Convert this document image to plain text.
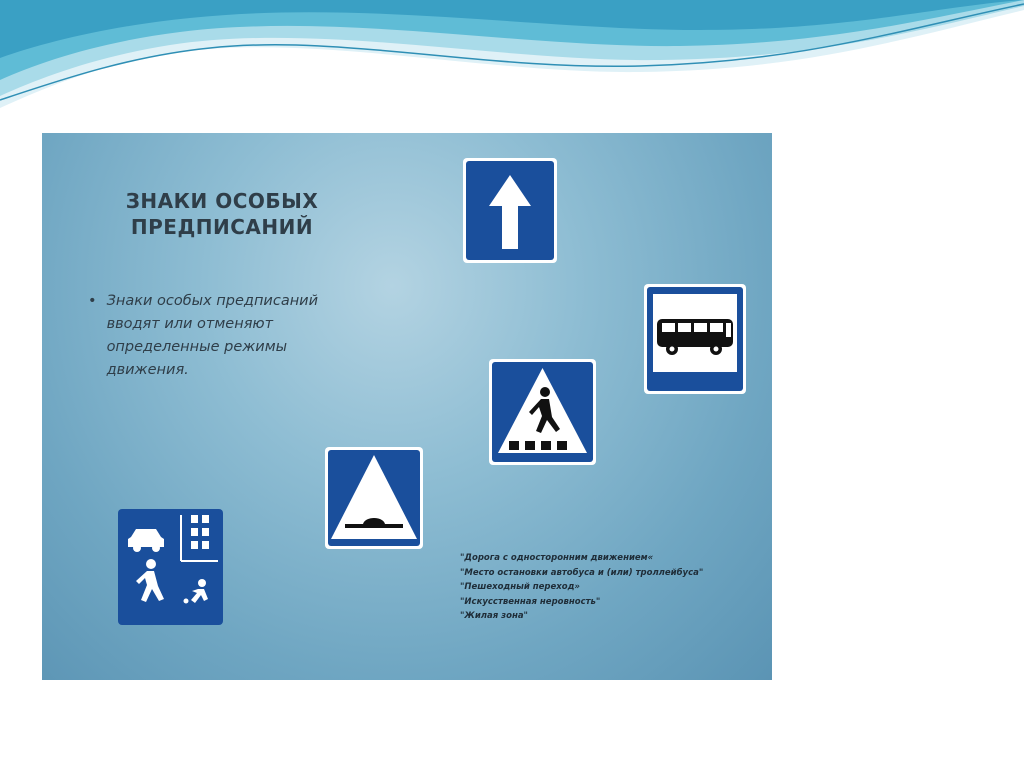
ЗНАКИ ОСОБЫХ
ПРЕДПИСАНИЙ
• Знаки особых предписаний вводят или отменяют определенные режимы движения.
"Дорога с односторонним движением«
"Место остановки автобуса и (или) троллейбуса"
"Пешеходный переход»
"Искусственная неровность"
"Жилая зона"
